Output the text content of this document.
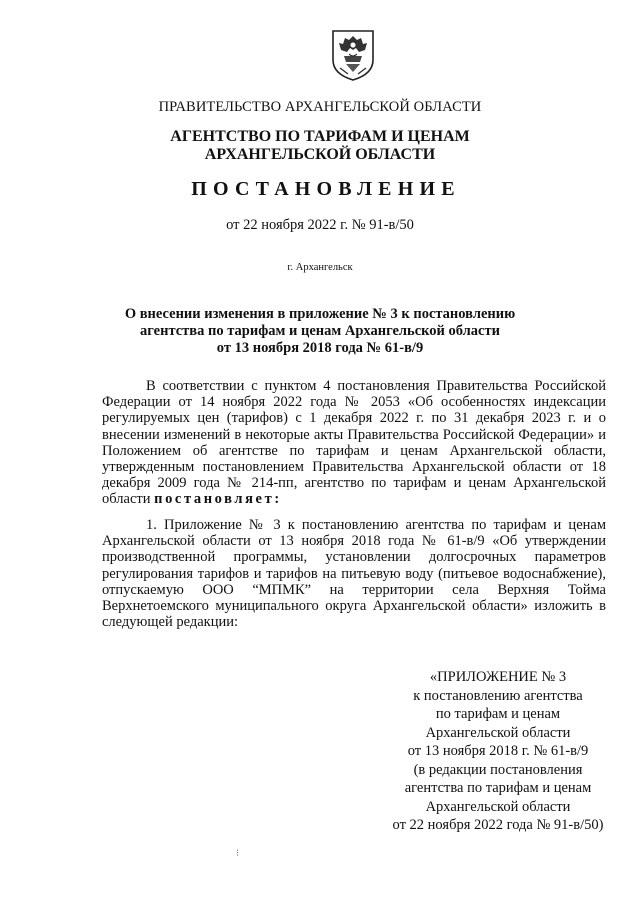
ПРАВИТЕЛЬСТВО АРХАНГЕЛЬСКОЙ ОБЛАСТИ
АГЕНТСТВО ПО ТАРИФАМ И ЦЕНАМ
АРХАНГЕЛЬСКОЙ ОБЛАСТИ
ПОСТАНОВЛЕНИЕ
от 22 ноября 2022 г. № 91-в/50
г. Архангельск
О внесении изменения в приложение № 3 к постановлению
агентства по тарифам и ценам Архангельской области
от 13 ноября 2018 года № 61-в/9
В соответствии с пунктом 4 постановления Правительства Российской Федерации от 14 ноября 2022 года № 2053 «Об особенностях индексации регулируемых цен (тарифов) с 1 декабря 2022 г. по 31 декабря 2023 г. и о внесении изменений в некоторые акты Правительства Российской Федерации» и Положением об агентстве по тарифам и ценам Архангельской области, утвержденным постановлением Правительства Архангельской области от 18 декабря 2009 года № 214-пп, агентство по тарифам и ценам Архангельской области постановляет:
1. Приложение № 3 к постановлению агентства по тарифам и ценам Архангельской области от 13 ноября 2018 года № 61-в/9 «Об утверждении производственной программы, установлении долгосрочных параметров регулирования тарифов и тарифов на питьевую воду (питьевое водоснабжение), отпускаемую ООО “МПМК” на территории села Верхняя Тойма Верхнетоемского муниципального округа Архангельской области» изложить в следующей редакции:
«ПРИЛОЖЕНИЕ № 3
к постановлению агентства
по тарифам и ценам
Архангельской области
от 13 ноября 2018 г. № 61-в/9
(в редакции постановления
агентства по тарифам и ценам
Архангельской области
от 22 ноября 2022 года № 91-в/50)
⁝
